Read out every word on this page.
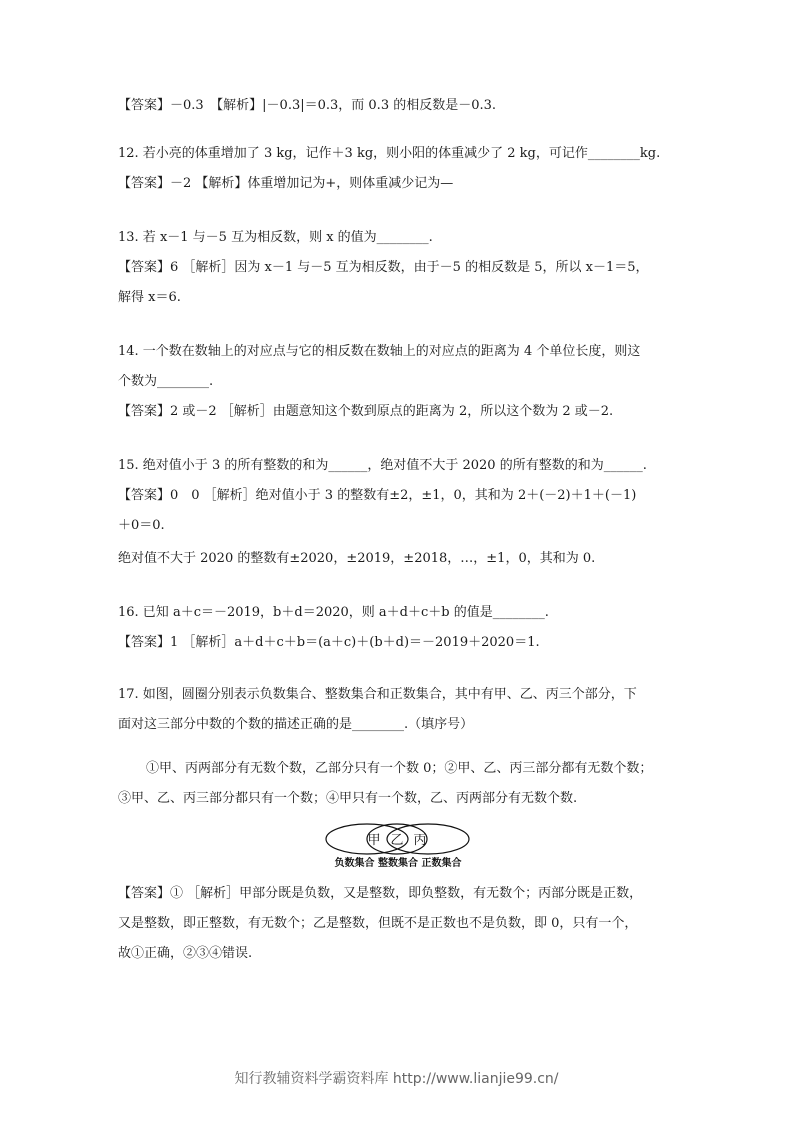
【答案】－0.3　【解析】|－0.3|＝0.3，而 0.3 的相反数是－0.3.
12. 若小亮的体重增加了 3 kg，记作＋3 kg，则小阳的体重减少了 2 kg，可记作________kg.
【答案】－2 【解析】体重增加记为+，则体重减少记为—
13. 若 x－1 与－5 互为相反数，则 x 的值为________.
【答案】6 ［解析］因为 x－1 与－5 互为相反数，由于－5 的相反数是 5，所以 x－1＝5，
解得 x＝6.
14. 一个数在数轴上的对应点与它的相反数在数轴上的对应点的距离为 4 个单位长度，则这
个数为________.
【答案】2 或－2 ［解析］由题意知这个数到原点的距离为 2，所以这个数为 2 或－2.
15. 绝对值小于 3 的所有整数的和为______，绝对值不大于 2020 的所有整数的和为______.
【答案】0　0 ［解析］绝对值小于 3 的整数有±2，±1，0，其和为 2＋(－2)＋1＋(－1)
＋0＝0.
绝对值不大于 2020 的整数有±2020，±2019，±2018，…，±1，0，其和为 0.
16. 已知 a＋c＝－2019，b＋d＝2020，则 a＋d＋c＋b 的值是________.
【答案】1 ［解析］a＋d＋c＋b＝(a＋c)＋(b＋d)＝－2019＋2020＝1.
17. 如图，圆圈分别表示负数集合、整数集合和正数集合，其中有甲、乙、丙三个部分，下
面对这三部分中数的个数的描述正确的是________.（填序号）
①甲、丙两部分有无数个数，乙部分只有一个数 0；②甲、乙、丙三部分都有无数个数；
③甲、乙、丙三部分都只有一个数；④甲只有一个数，乙、丙两部分有无数个数.
甲 乙 丙
负数集合 整数集合 正数集合
【答案】① ［解析］甲部分既是负数，又是整数，即负整数，有无数个；丙部分既是正数，
又是整数，即正整数，有无数个；乙是整数，但既不是正数也不是负数，即 0，只有一个，
故①正确，②③④错误.
知行教辅资料学霸资料库 http://www.lianjie99.cn/
